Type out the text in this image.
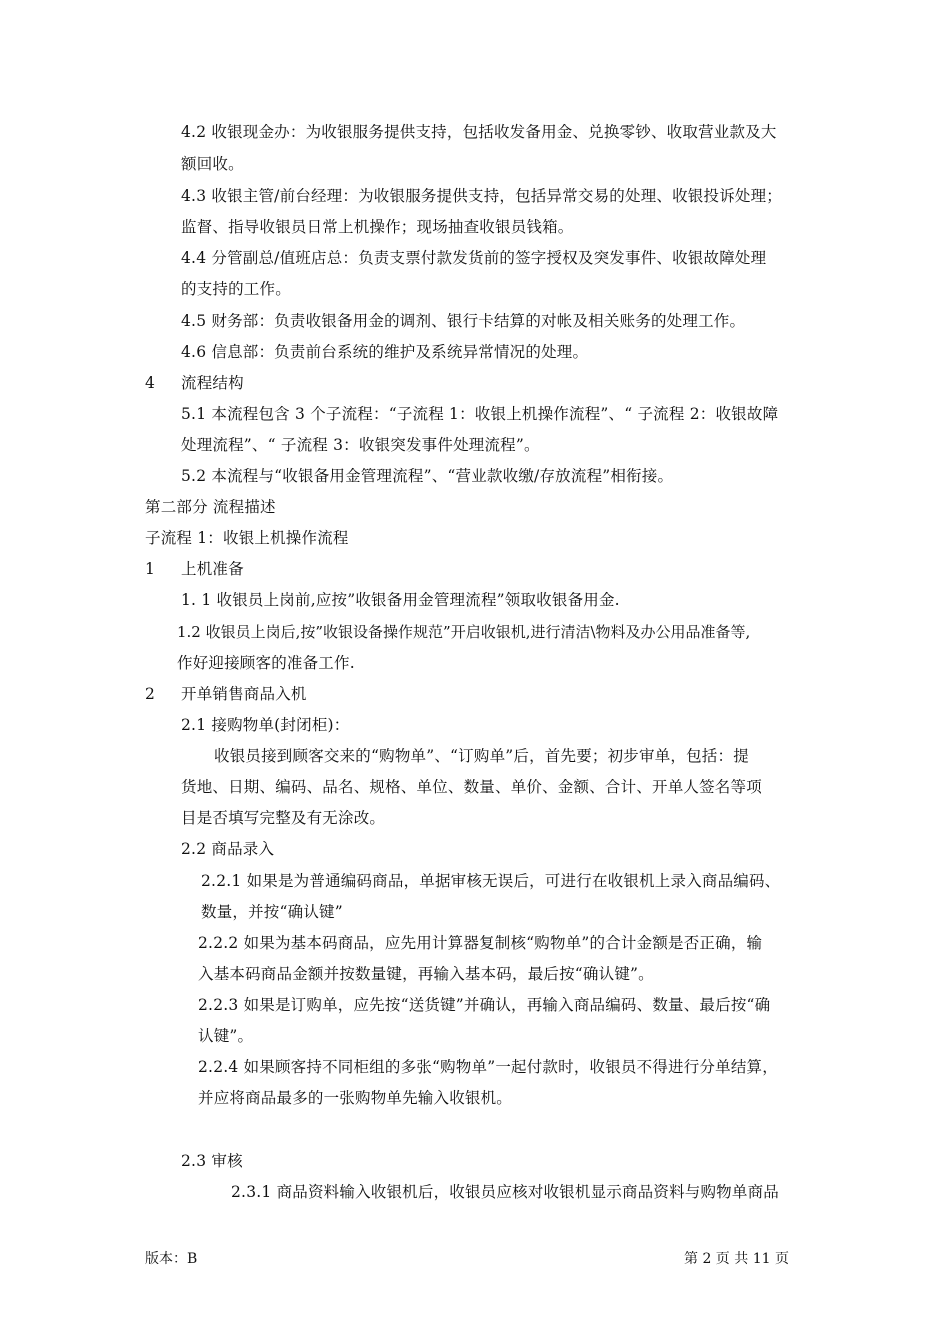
4.2 收银现金办：为收银服务提供支持，包括收发备用金、兑换零钞、收取营业款及大
额回收。
4.3 收银主管/前台经理：为收银服务提供支持，包括异常交易的处理、收银投诉处理；
监督、指导收银员日常上机操作；现场抽查收银员钱箱。
4.4 分管副总/值班店总：负责支票付款发货前的签字授权及突发事件、收银故障处理
的支持的工作。
4.5 财务部：负责收银备用金的调剂、银行卡结算的对帐及相关账务的处理工作。
4.6 信息部：负责前台系统的维护及系统异常情况的处理。
4 流程结构
5.1 本流程包含 3 个子流程：“子流程 1：收银上机操作流程”、“ 子流程 2：收银故障
处理流程”、“ 子流程 3：收银突发事件处理流程”。
5.2 本流程与“收银备用金管理流程”、“营业款收缴/存放流程”相衔接。
第二部分 流程描述
子流程 1：收银上机操作流程
1 上机准备
1. 1 收银员上岗前,应按”收银备用金管理流程”领取收银备用金.
1.2 收银员上岗后,按”收银设备操作规范”开启收银机,进行清洁\物料及办公用品准备等,
作好迎接顾客的准备工作.
2 开单销售商品入机
2.1 接购物单(封闭柜)：
收银员接到顾客交来的“购物单”、“订购单”后，首先要；初步审单，包括：提
货地、日期、编码、品名、规格、单位、数量、单价、金额、合计、开单人签名等项
目是否填写完整及有无涂改。
2.2 商品录入
2.2.1 如果是为普通编码商品，单据审核无误后，可进行在收银机上录入商品编码、
数量，并按“确认键”
2.2.2 如果为基本码商品，应先用计算器复制核“购物单”的合计金额是否正确，输
入基本码商品金额并按数量键，再输入基本码，最后按“确认键”。
2.2.3 如果是订购单，应先按“送货键”并确认，再输入商品编码、数量、最后按“确
认键”。
2.2.4 如果顾客持不同柜组的多张“购物单”一起付款时，收银员不得进行分单结算，
并应将商品最多的一张购物单先输入收银机。
2.3 审核
2.3.1 商品资料输入收银机后，收银员应核对收银机显示商品资料与购物单商品
版本：B	第 2 页 共 11 页
